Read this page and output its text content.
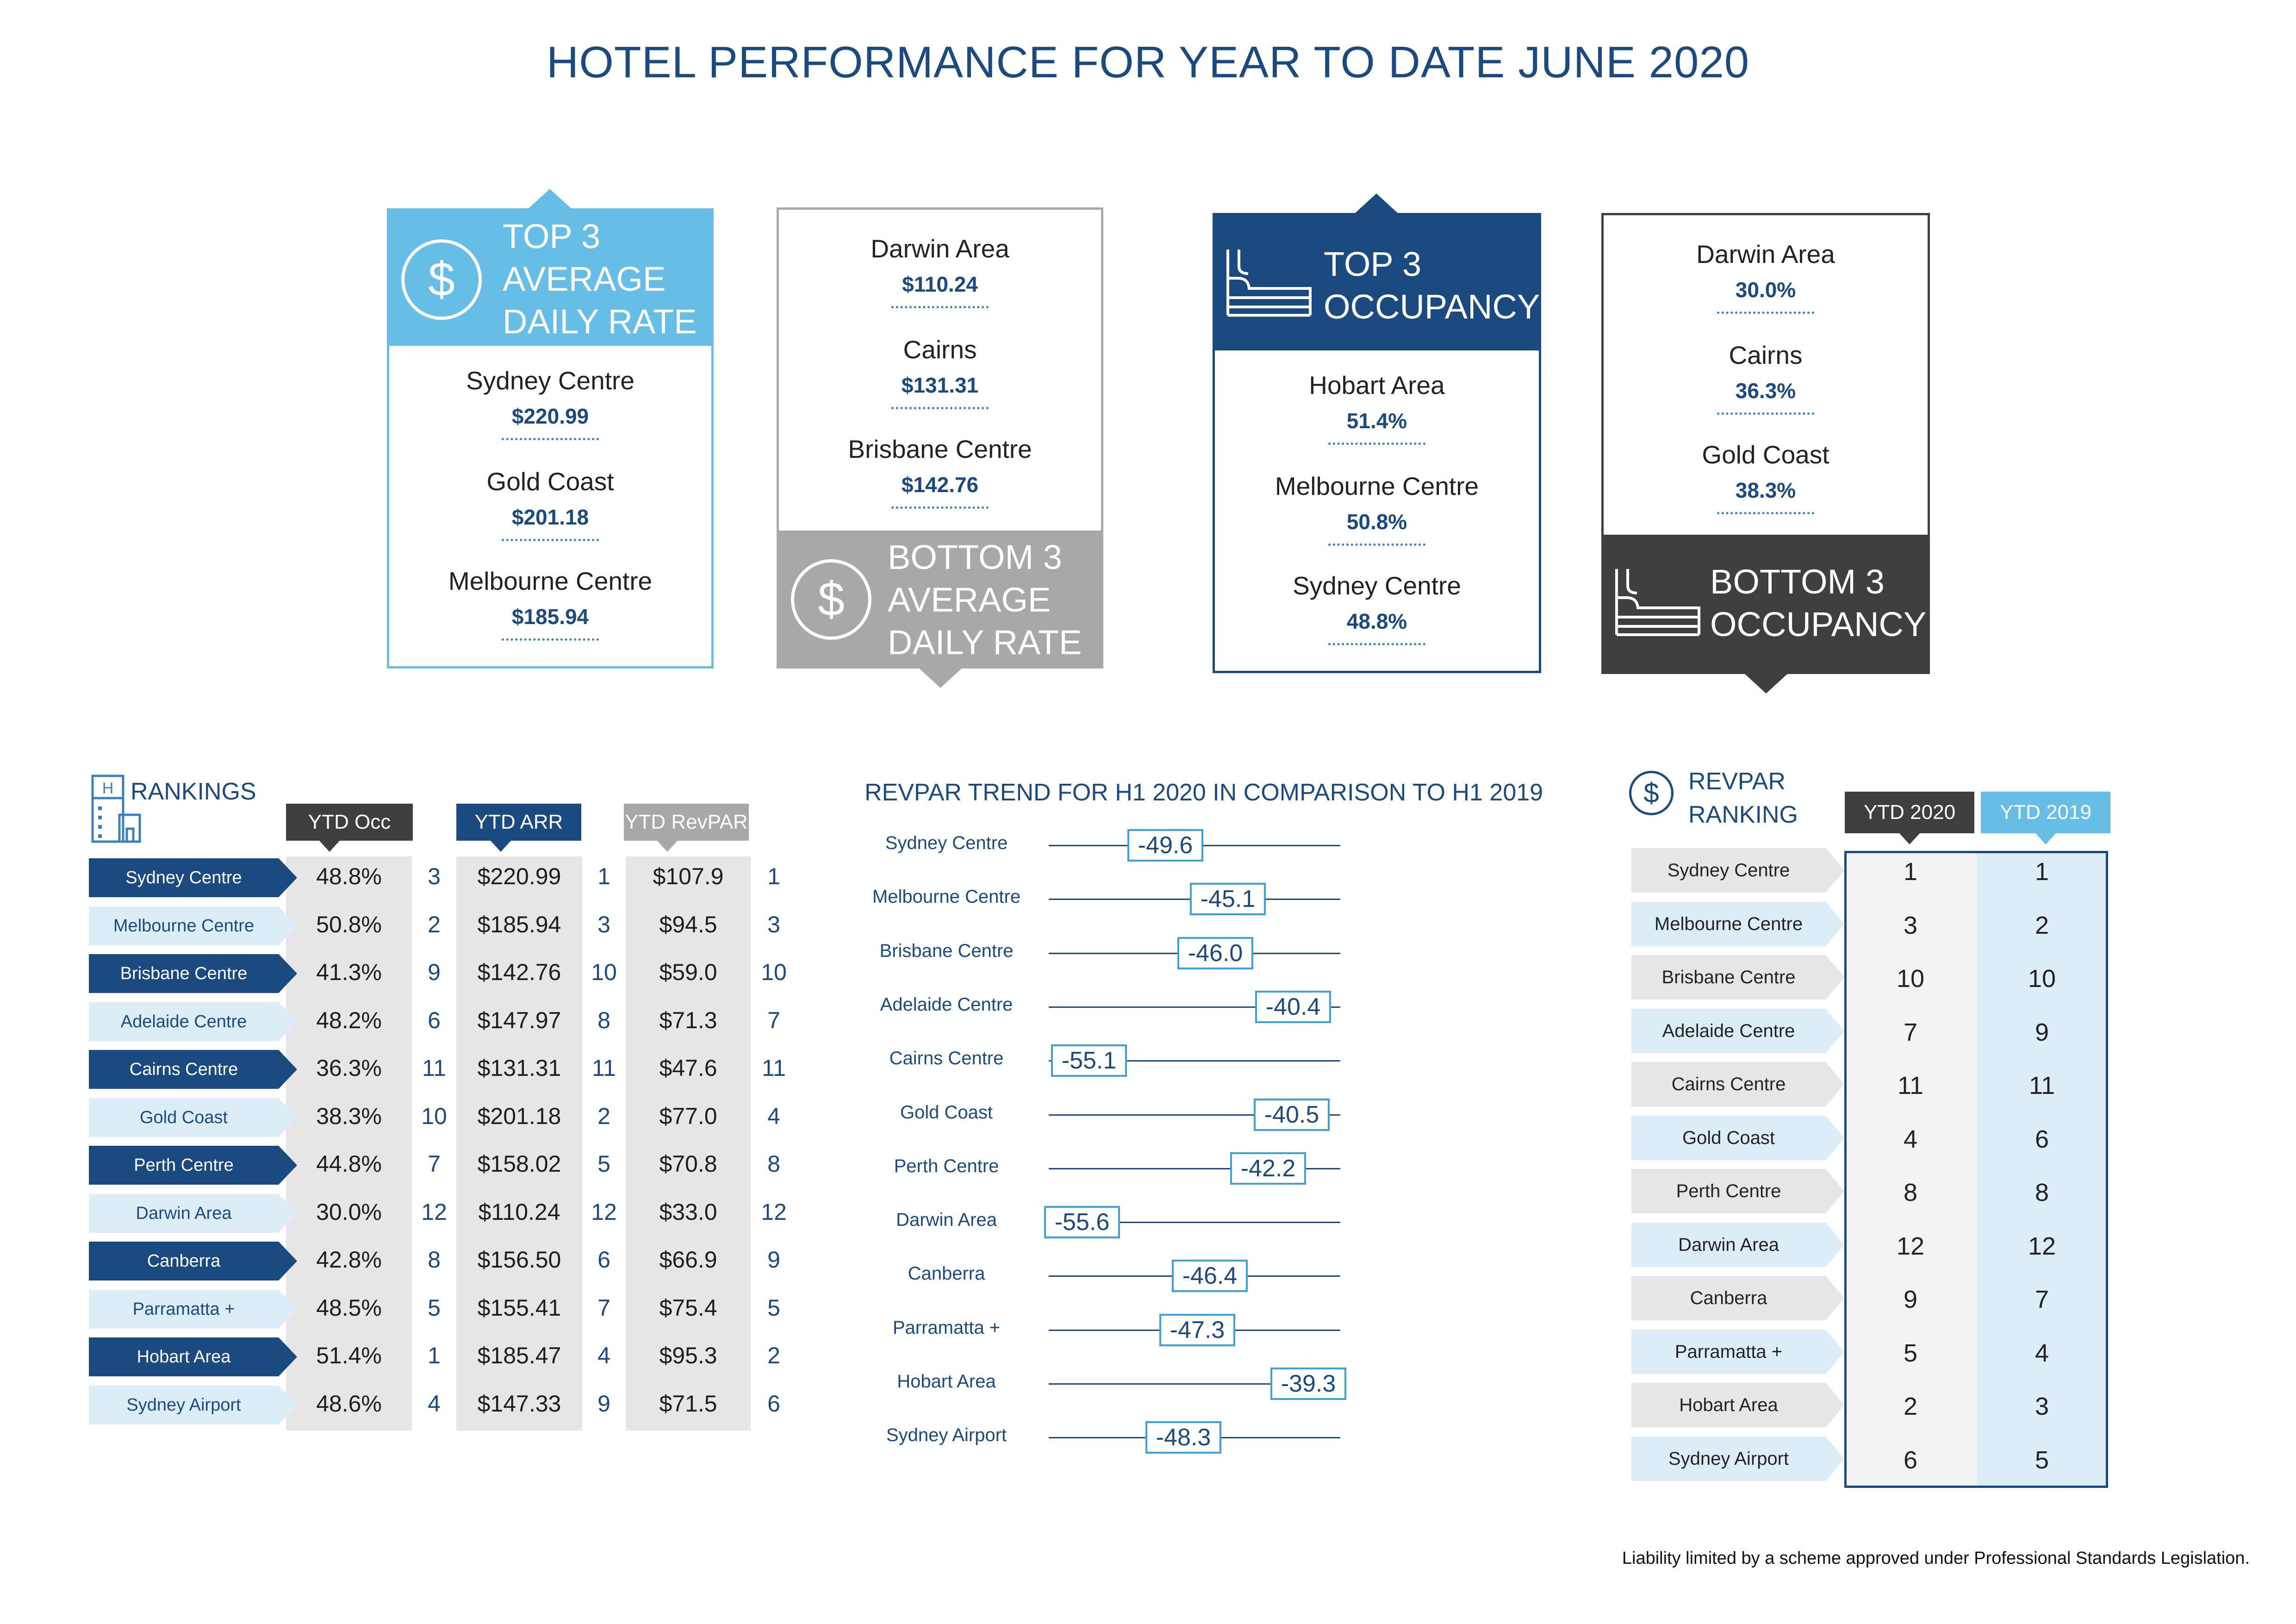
HOTEL PERFORMANCE FOR YEAR TO DATE JUNE 2020
$
TOP 3
AVERAGE
DAILY RATE
Sydney Centre
$220.99
Gold Coast
$201.18
Melbourne Centre
$185.94
Darwin Area
$110.24
Cairns
$131.31
Brisbane Centre
$142.76
$
BOTTOM 3
AVERAGE
DAILY RATE
TOP 3
OCCUPANCY
Hobart Area
51.4%
Melbourne Centre
50.8%
Sydney Centre
48.8%
Darwin Area
30.0%
Cairns
36.3%
Gold Coast
38.3%
BOTTOM 3
OCCUPANCY
H RANKINGS
YTD Occ	YTD ARR	YTD RevPAR
Sydney Centre	48.8%	3	$220.99	1	$107.9	1
Melbourne Centre	50.8%	2	$185.94	3	$94.5	3
Brisbane Centre	41.3%	9	$142.76	10	$59.0	10
Adelaide Centre	48.2%	6	$147.97	8	$71.3	7
Cairns Centre	36.3%	11	$131.31	11	$47.6	11
Gold Coast	38.3%	10	$201.18	2	$77.0	4
Perth Centre	44.8%	7	$158.02	5	$70.8	8
Darwin Area	30.0%	12	$110.24	12	$33.0	12
Canberra	42.8%	8	$156.50	6	$66.9	9
Parramatta +	48.5%	5	$155.41	7	$75.4	5
Hobart Area	51.4%	1	$185.47	4	$95.3	2
Sydney Airport	48.6%	4	$147.33	9	$71.5	6
REVPAR TREND FOR H1 2020 IN COMPARISON TO H1 2019
Sydney Centre	-49.6
Melbourne Centre	-45.1
Brisbane Centre	-46.0
Adelaide Centre	-40.4
Cairns Centre	-55.1
Gold Coast	-40.5
Perth Centre	-42.2
Darwin Area	-55.6
Canberra	-46.4
Parramatta +	-47.3
Hobart Area	-39.3
Sydney Airport	-48.3
$	REVPAR
RANKING	YTD 2020	YTD 2019
Sydney Centre	1	1
Melbourne Centre	3	2
Brisbane Centre	10	10
Adelaide Centre	7	9
Cairns Centre	11	11
Gold Coast	4	6
Perth Centre	8	8
Darwin Area	12	12
Canberra	9	7
Parramatta +	5	4
Hobart Area	2	3
Sydney Airport	6	5
Liability limited by a scheme approved under Professional Standards Legislation.
